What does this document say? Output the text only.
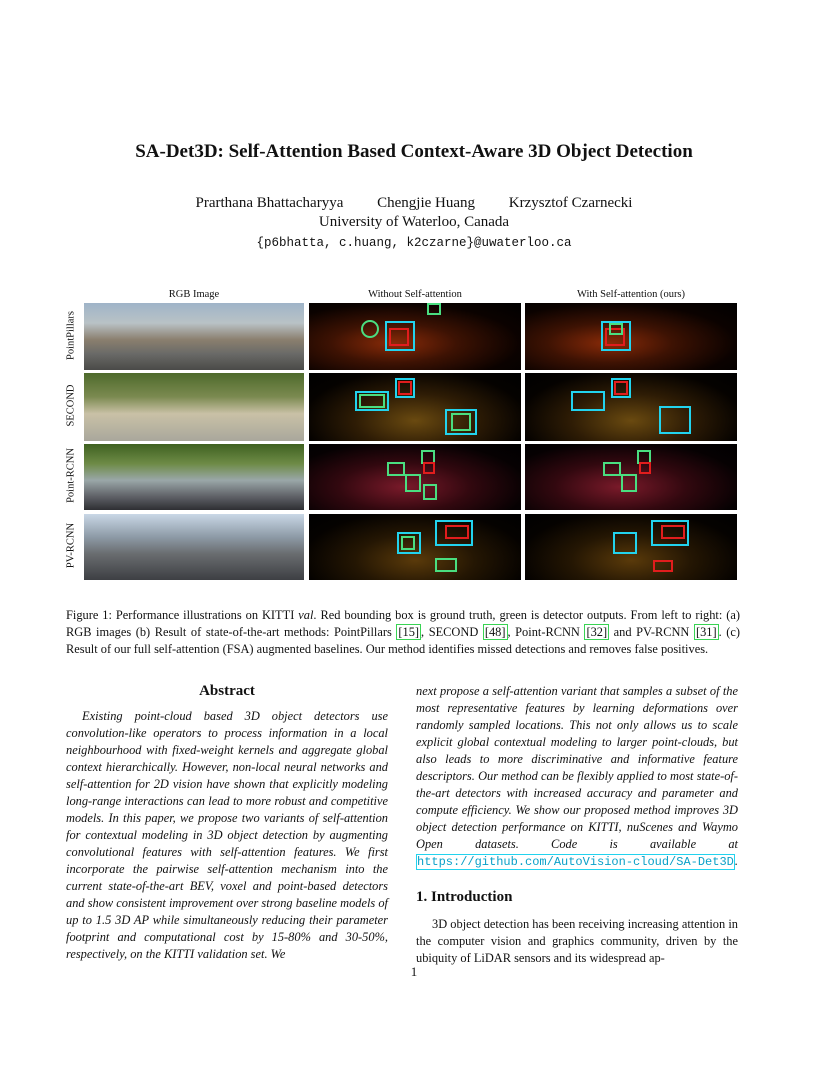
SA-Det3D: Self-Attention Based Context-Aware 3D Object Detection
Prarthana Bhattacharyya Chengjie Huang Krzysztof Czarnecki
University of Waterloo, Canada
{p6bhatta, c.huang, k2czarne}@uwaterloo.ca
RGB Image	Without Self-attention	With Self-attention (ours)
PointPillars
SECOND
Point-RCNN
PV-RCNN
Figure 1: Performance illustrations on KITTI val. Red bounding box is ground truth, green is detector outputs. From left to right: (a) RGB images (b) Result of state-of-the-art methods: PointPillars [15] , SECOND [48] , Point-RCNN [32] and PV-RCNN [31] . (c) Result of our full self-attention (FSA) augmented baselines. Our method identifies missed detections and removes false positives.
Abstract
Existing point-cloud based 3D object detectors use convolution-like operators to process information in a local neighbourhood with fixed-weight kernels and aggregate global context hierarchically. However, non-local neural networks and self-attention for 2D vision have shown that explicitly modeling long-range interactions can lead to more robust and competitive models. In this paper, we propose two variants of self-attention for contextual modeling in 3D object detection by augmenting convolutional features with self-attention features. We first incorporate the pairwise self-attention mechanism into the current state-of-the-art BEV, voxel and point-based detectors and show consistent improvement over strong baseline models of up to 1.5 3D AP while simultaneously reducing their parameter footprint and computational cost by 15-80% and 30-50%, respectively, on the KITTI validation set. We
next propose a self-attention variant that samples a subset of the most representative features by learning deformations over randomly sampled locations. This not only allows us to scale explicit global contextual modeling to larger point-clouds, but also leads to more discriminative and informative feature descriptors. Our method can be flexibly applied to most state-of-the-art detectors with increased accuracy and parameter and compute efficiency. We show our proposed method improves 3D object detection performance on KITTI, nuScenes and Waymo Open datasets. Code is available at https://github.com/AutoVision-cloud/SA-Det3D.
1. Introduction
3D object detection has been receiving increasing attention in the computer vision and graphics community, driven by the ubiquity of LiDAR sensors and its widespread ap-
1
